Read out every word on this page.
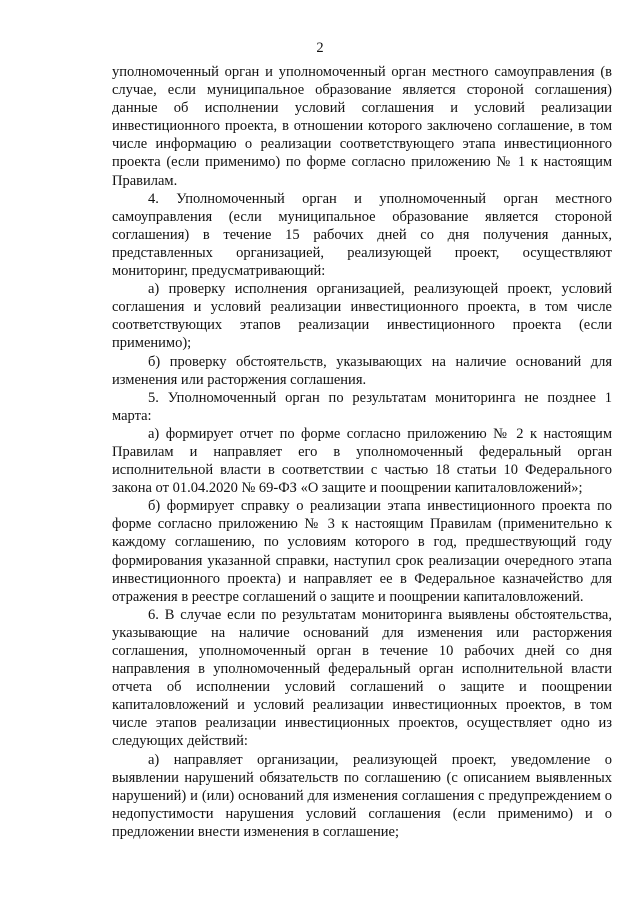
2

уполномоченный орган и уполномоченный орган местного самоуправления (в случае, если муниципальное образование является стороной соглашения) данные об исполнении условий соглашения и условий реализации инвестиционного проекта, в отношении которого заключено соглашение, в том числе информацию о реализации соответствующего этапа инвестиционного проекта (если применимо) по форме согласно приложению № 1 к настоящим Правилам.

4. Уполномоченный орган и уполномоченный орган местного самоуправления (если муниципальное образование является стороной соглашения) в течение 15 рабочих дней со дня получения данных, представленных организацией, реализующей проект, осуществляют мониторинг, предусматривающий:

а) проверку исполнения организацией, реализующей проект, условий соглашения и условий реализации инвестиционного проекта, в том числе соответствующих этапов реализации инвестиционного проекта (если применимо);

б) проверку обстоятельств, указывающих на наличие оснований для изменения или расторжения соглашения.

5. Уполномоченный орган по результатам мониторинга не позднее 1 марта:

а) формирует отчет по форме согласно приложению № 2 к настоящим Правилам и направляет его в уполномоченный федеральный орган исполнительной власти в соответствии с частью 18 статьи 10 Федерального закона от 01.04.2020 № 69-ФЗ «О защите и поощрении капиталовложений»;

б) формирует справку о реализации этапа инвестиционного проекта по форме согласно приложению № 3 к настоящим Правилам (применительно к каждому соглашению, по условиям которого в год, предшествующий году формирования указанной справки, наступил срок реализации очередного этапа инвестиционного проекта) и направляет ее в Федеральное казначейство для отражения в реестре соглашений о защите и поощрении капиталовложений.

6. В случае если по результатам мониторинга выявлены обстоятельства, указывающие на наличие оснований для изменения или расторжения соглашения, уполномоченный орган в течение 10 рабочих дней со дня направления в уполномоченный федеральный орган исполнительной власти отчета об исполнении условий соглашений о защите и поощрении капиталовложений и условий реализации инвестиционных проектов, в том числе этапов реализации инвестиционных проектов, осуществляет одно из следующих действий:

а) направляет организации, реализующей проект, уведомление о выявлении нарушений обязательств по соглашению (с описанием выявленных нарушений) и (или) оснований для изменения соглашения с предупреждением о недопустимости нарушения условий соглашения (если применимо) и о предложении внести изменения в соглашение;
